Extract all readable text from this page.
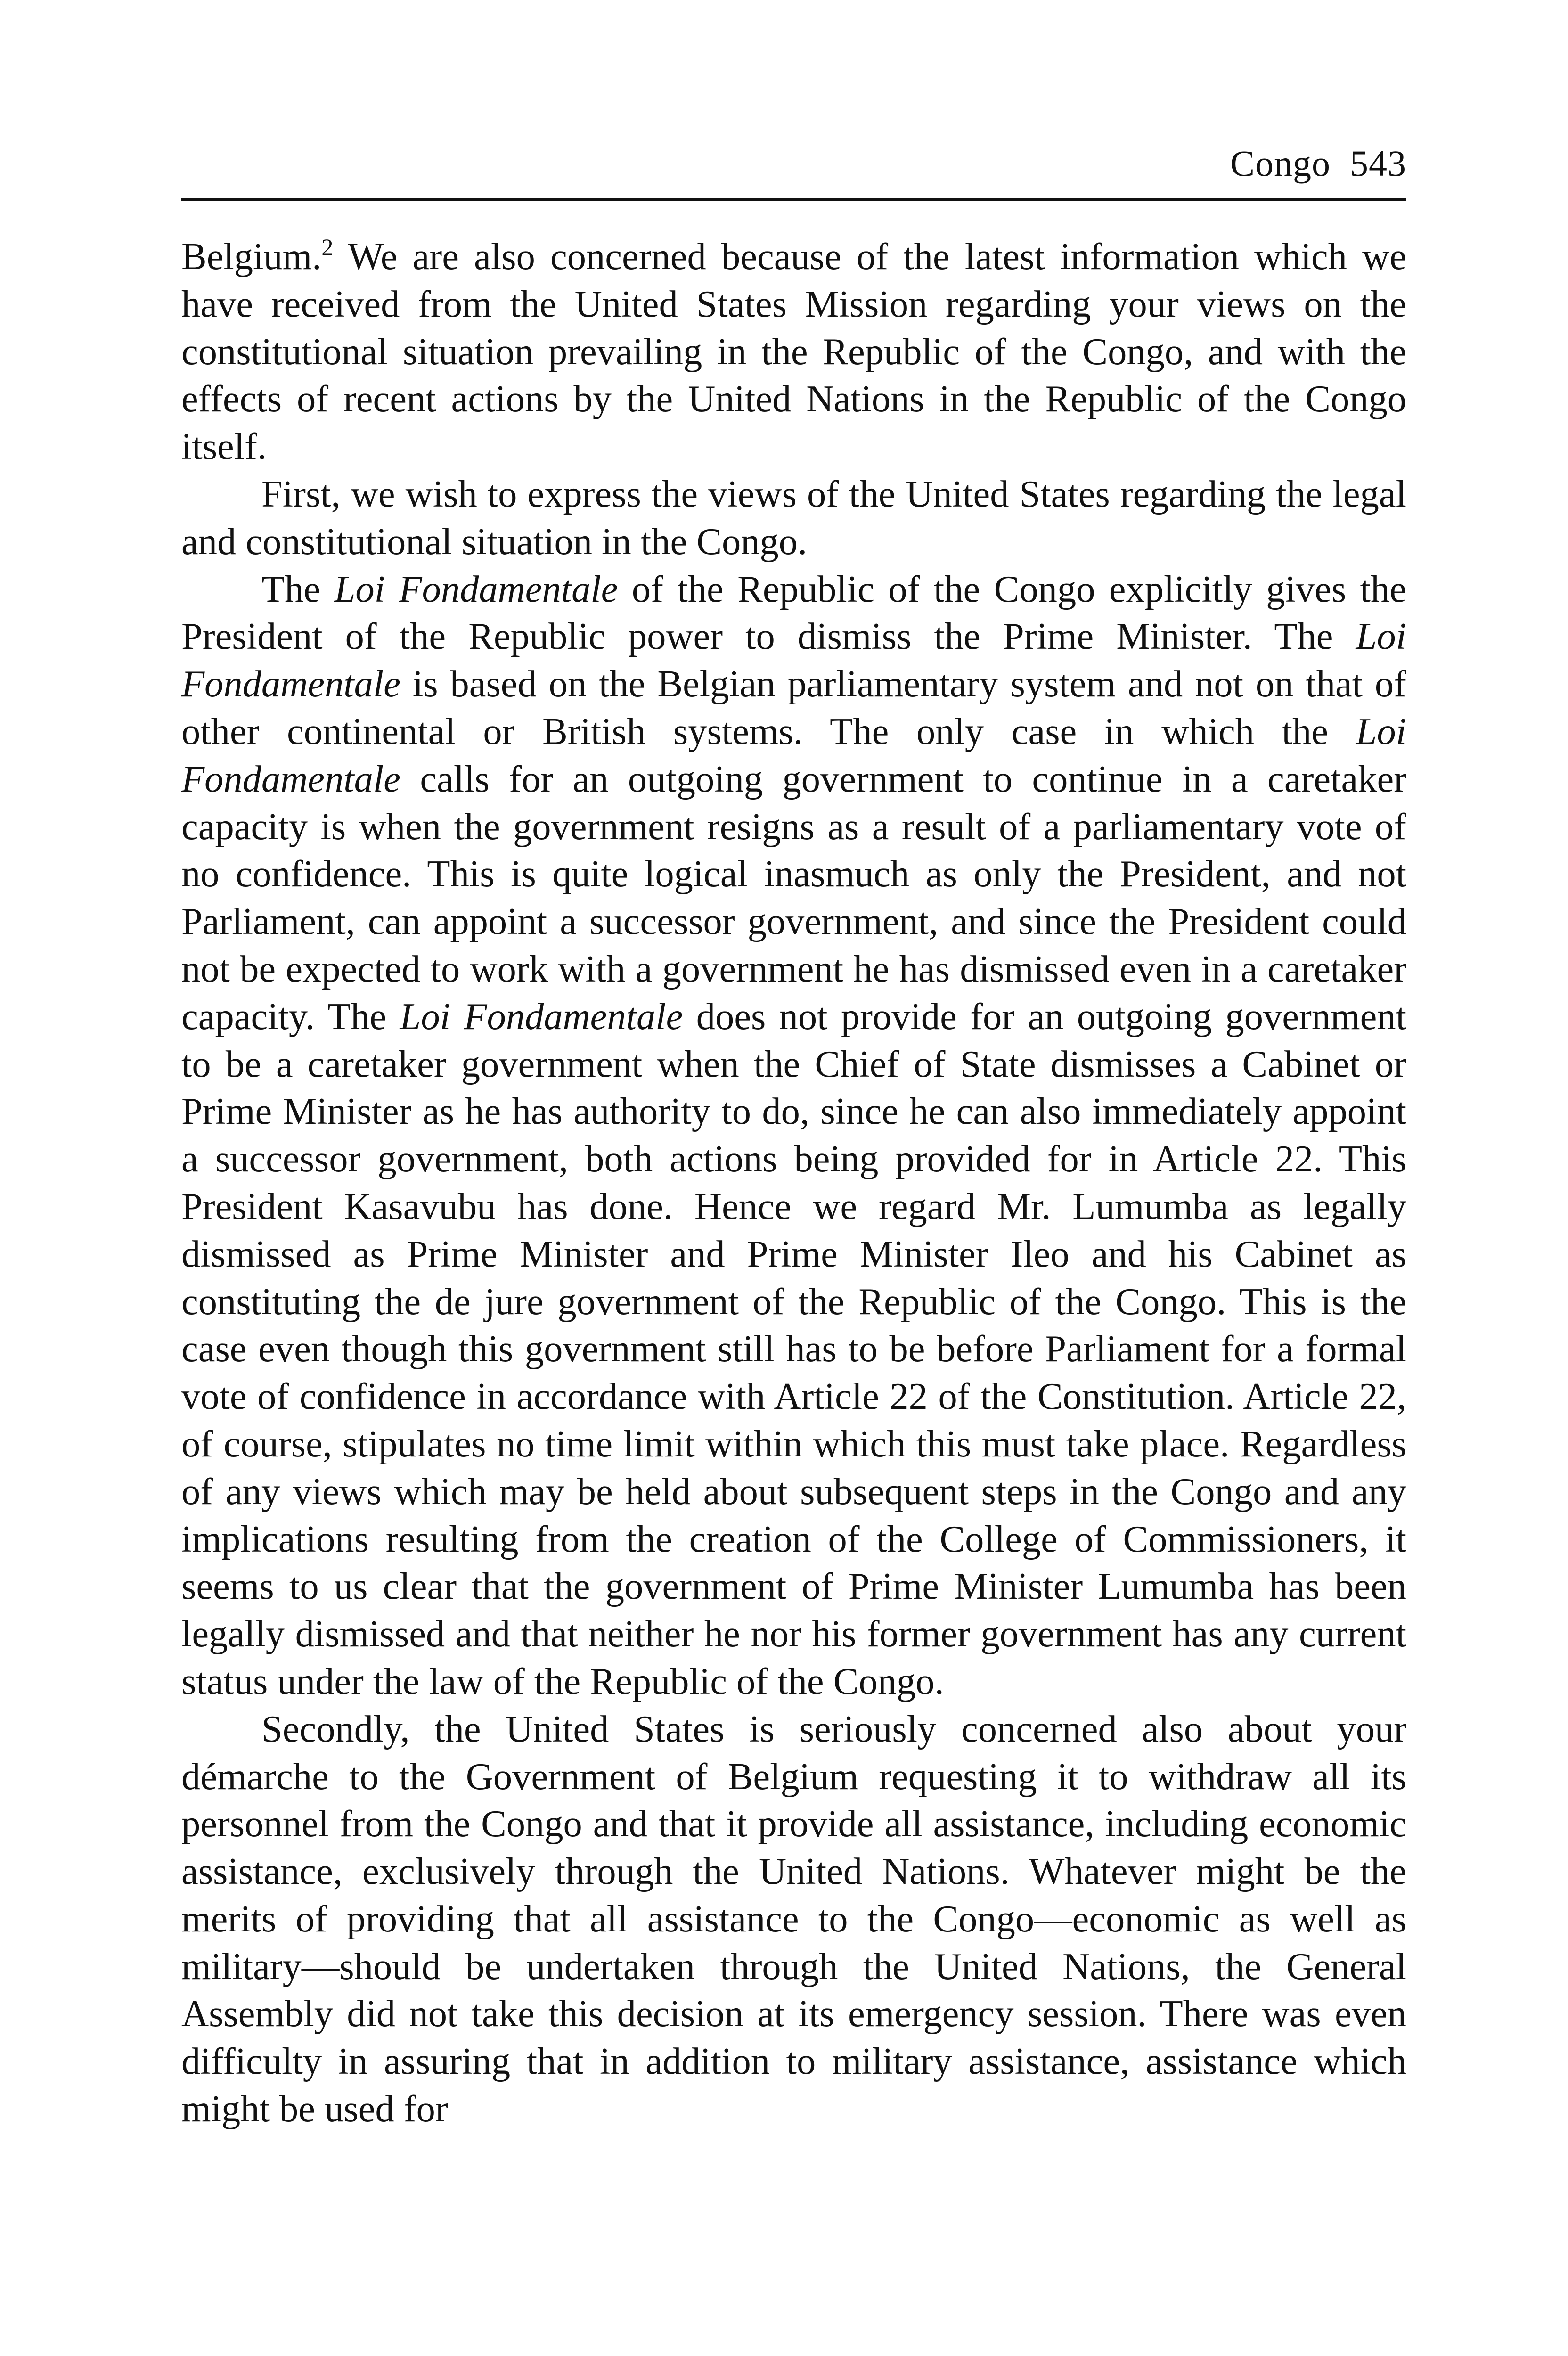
Congo 543

Belgium.$^2$ We are also concerned because of the latest information which we have received from the United States Mission regarding your views on the constitutional situation prevailing in the Republic of the Congo, and with the effects of recent actions by the United Nations in the Republic of the Congo itself.

First, we wish to express the views of the United States regarding the legal and constitutional situation in the Congo.

The Loi Fondamentale of the Republic of the Congo explicitly gives the President of the Republic power to dismiss the Prime Minister. The Loi Fondamentale is based on the Belgian parliamentary system and not on that of other continental or British systems. The only case in which the Loi Fondamentale calls for an outgoing government to continue in a caretaker capacity is when the government resigns as a result of a parliamentary vote of no confidence. This is quite logical inasmuch as only the President, and not Parliament, can appoint a successor government, and since the President could not be expected to work with a government he has dismissed even in a caretaker capacity. The Loi Fondamentale does not provide for an outgoing government to be a caretaker government when the Chief of State dismisses a Cabinet or Prime Minister as he has authority to do, since he can also immediately appoint a successor government, both actions being provided for in Article 22. This President Kasavubu has done. Hence we regard Mr. Lumumba as legally dismissed as Prime Minister and Prime Minister Ileo and his Cabinet as constituting the de jure government of the Republic of the Congo. This is the case even though this government still has to be before Parliament for a formal vote of confidence in accordance with Article 22 of the Constitution. Article 22, of course, stipulates no time limit within which this must take place. Regardless of any views which may be held about subsequent steps in the Congo and any implications resulting from the creation of the College of Commissioners, it seems to us clear that the government of Prime Minister Lumumba has been legally dismissed and that neither he nor his former government has any current status under the law of the Republic of the Congo.

Secondly, the United States is seriously concerned also about your démarche to the Government of Belgium requesting it to withdraw all its personnel from the Congo and that it provide all assistance, including economic assistance, exclusively through the United Nations. Whatever might be the merits of providing that all assistance to the Congo—economic as well as military—should be undertaken through the United Nations, the General Assembly did not take this decision at its emergency session. There was even difficulty in assuring that in addition to military assistance, assistance which might be used for
